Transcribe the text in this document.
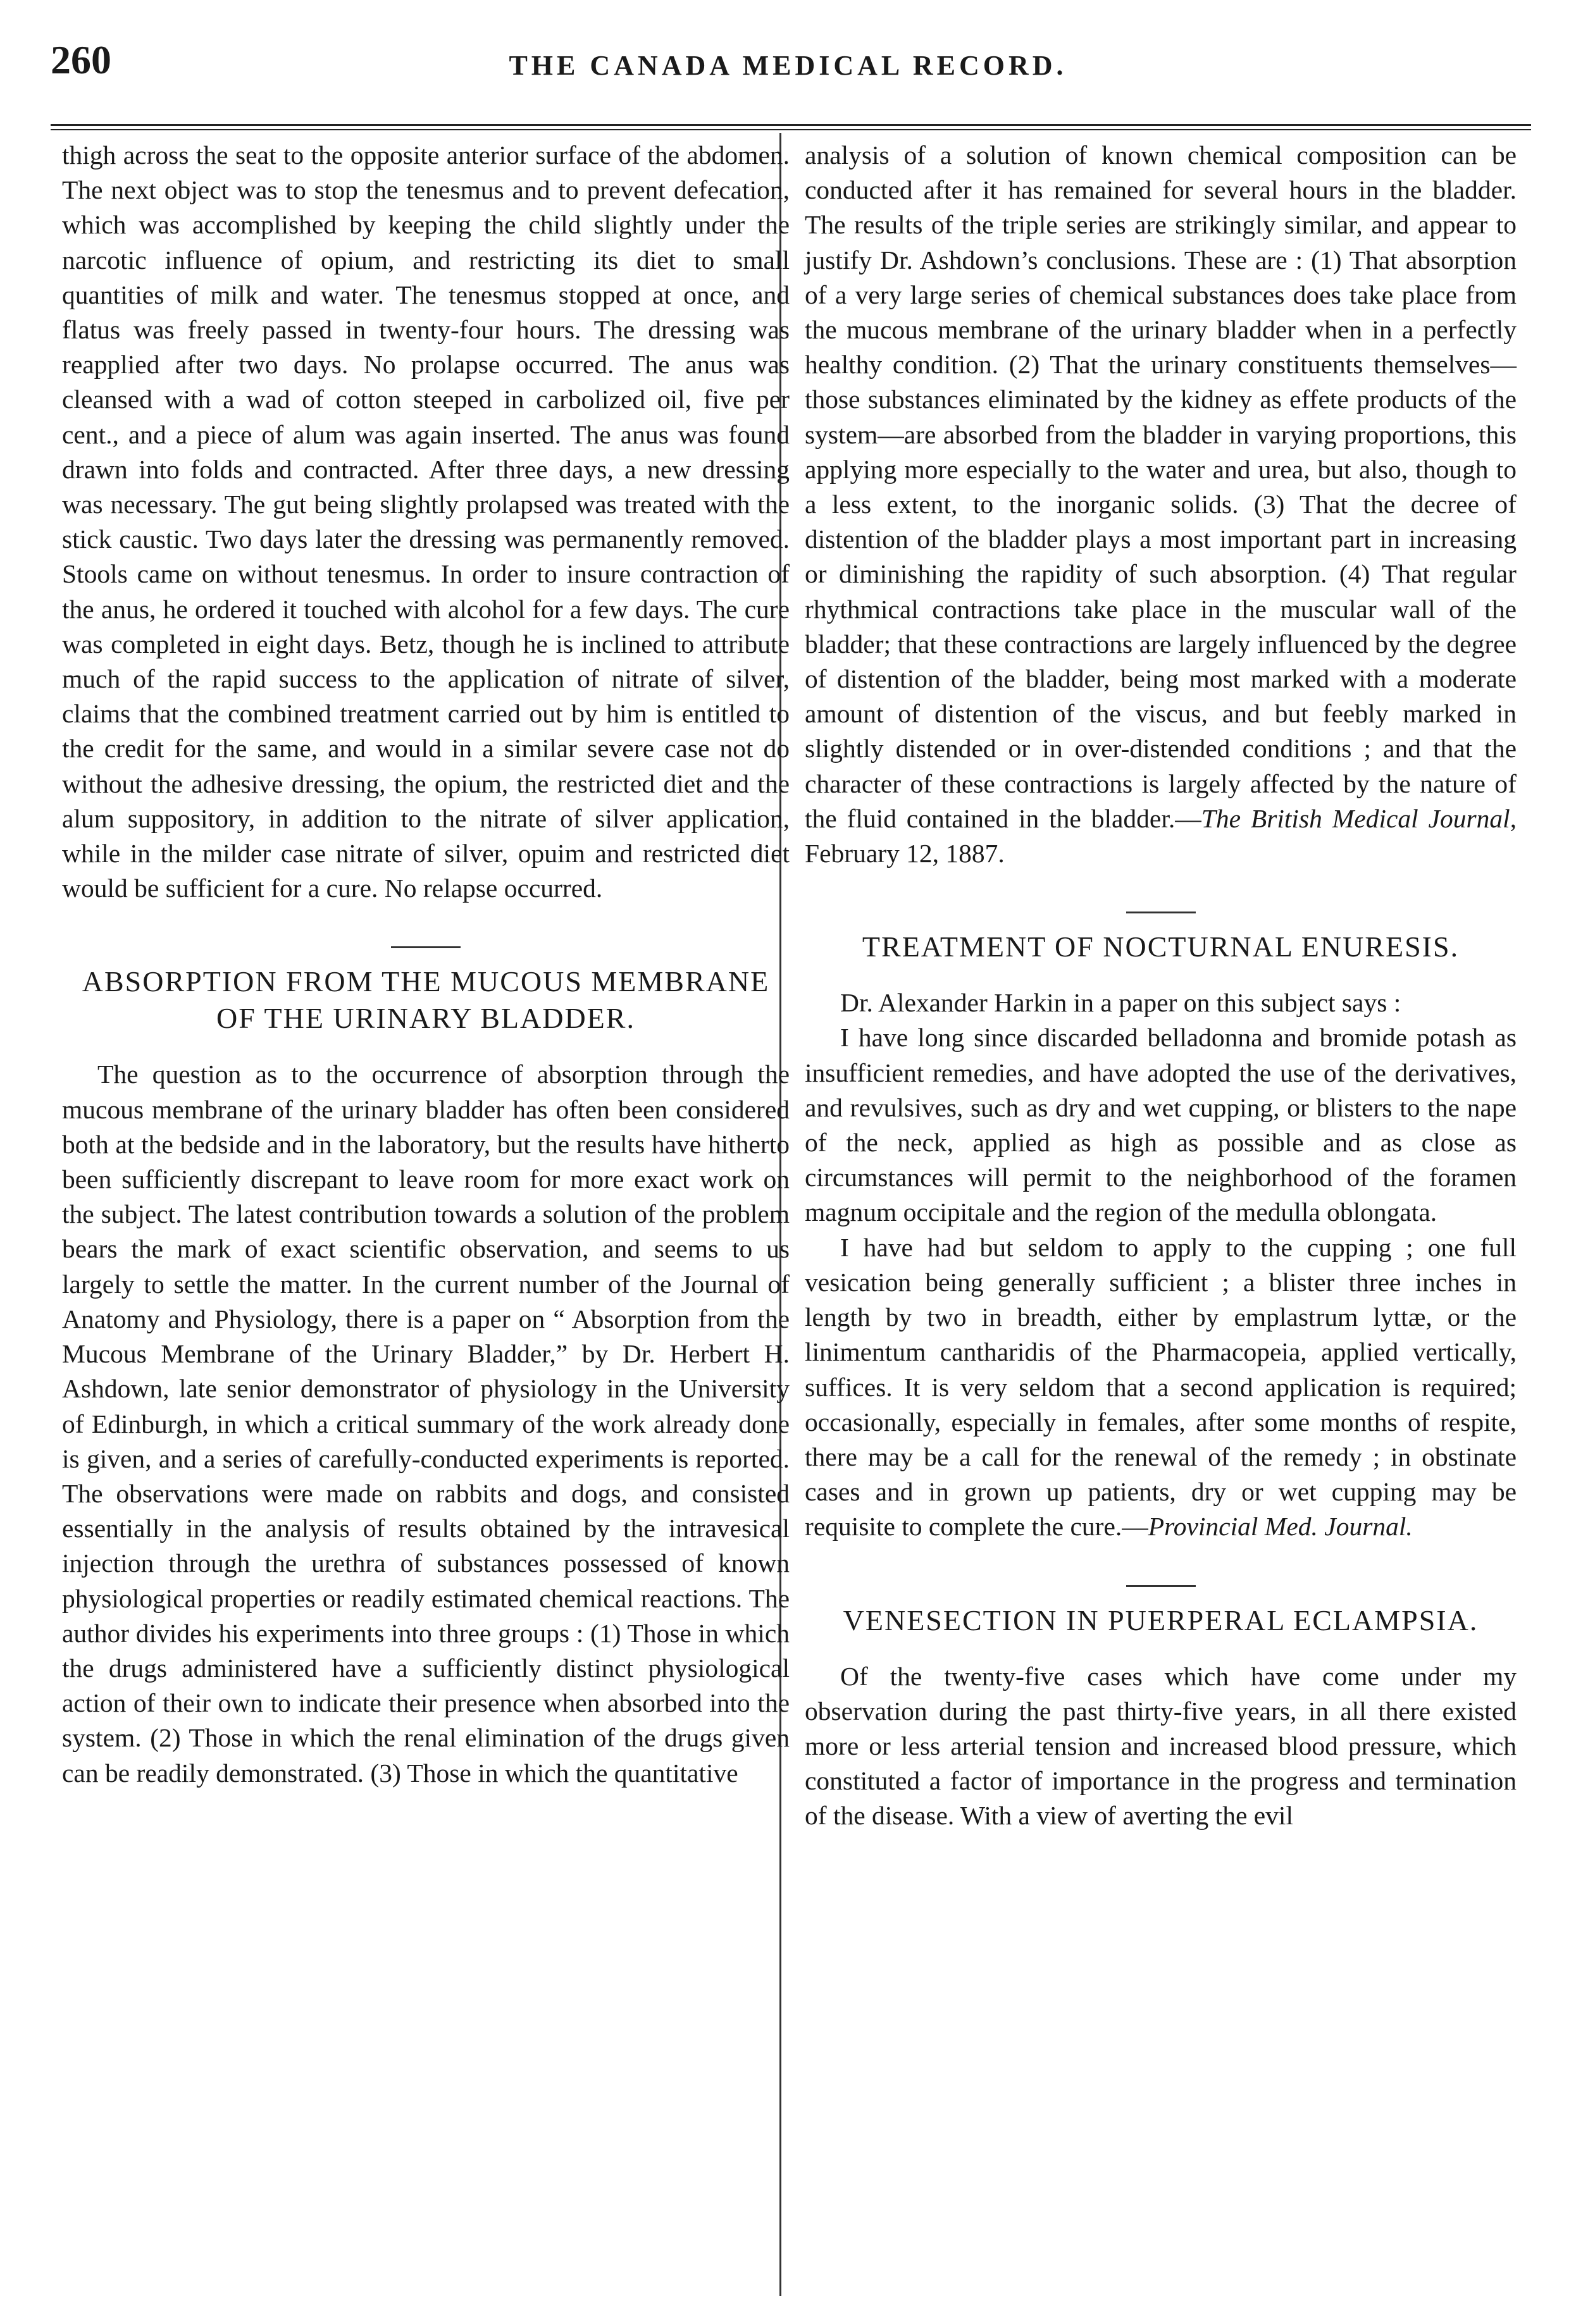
260	THE CANADA MEDICAL RECORD.

thigh across the seat to the opposite anterior surface of the abdomen. The next object was to stop the tenesmus and to prevent defecation, which was accomplished by keeping the child slightly under the narcotic influence of opium, and restricting its diet to small quantities of milk and water. The tenesmus stopped at once, and flatus was freely passed in twenty-four hours. The dressing was reapplied after two days. No prolapse occurred. The anus was cleansed with a wad of cotton steeped in carbolized oil, five per cent., and a piece of alum was again inserted. The anus was found drawn into folds and contracted. After three days, a new dressing was necessary. The gut being slightly prolapsed was treated with the stick caustic. Two days later the dressing was permanently removed. Stools came on without tenesmus. In order to insure contraction of the anus, he ordered it touched with alcohol for a few days. The cure was completed in eight days. Betz, though he is inclined to attribute much of the rapid success to the application of nitrate of silver, claims that the combined treatment carried out by him is entitled to the credit for the same, and would in a similar severe case not do without the adhesive dressing, the opium, the restricted diet and the alum suppository, in addition to the nitrate of silver application, while in the milder case nitrate of silver, opuim and restricted diet would be sufficient for a cure. No relapse occurred.

ABSORPTION FROM THE MUCOUS MEMBRANE OF THE URINARY BLADDER.

The question as to the occurrence of absorption through the mucous membrane of the urinary bladder has often been considered both at the bedside and in the laboratory, but the results have hitherto been sufficiently discrepant to leave room for more exact work on the subject. The latest contribution towards a solution of the problem bears the mark of exact scientific observation, and seems to us largely to settle the matter. In the current number of the Journal of Anatomy and Physiology, there is a paper on “ Absorption from the Mucous Membrane of the Urinary Bladder,” by Dr. Herbert H. Ashdown, late senior demonstrator of physiology in the University of Edinburgh, in which a critical summary of the work already done is given, and a series of carefully-conducted experiments is reported. The observations were made on rabbits and dogs, and consisted essentially in the analysis of results obtained by the intravesical injection through the urethra of substances possessed of known physiological properties or readily estimated chemical reactions. The author divides his experiments into three groups : (1) Those in which the drugs administered have a sufficiently distinct physiological action of their own to indicate their presence when absorbed into the system. (2) Those in which the renal elimination of the drugs given can be readily demonstrated. (3) Those in which the quantitative

analysis of a solution of known chemical composition can be conducted after it has remained for several hours in the bladder. The results of the triple series are strikingly similar, and appear to justify Dr. Ashdown’s conclusions. These are : (1) That absorption of a very large series of chemical substances does take place from the mucous membrane of the urinary bladder when in a perfectly healthy condition. (2) That the urinary constituents themselves—those substances eliminated by the kidney as effete products of the system—are absorbed from the bladder in varying proportions, this applying more especially to the water and urea, but also, though to a less extent, to the inorganic solids. (3) That the decree of distention of the bladder plays a most important part in increasing or diminishing the rapidity of such absorption. (4) That regular rhythmical contractions take place in the muscular wall of the bladder; that these contractions are largely influenced by the degree of distention of the bladder, being most marked with a moderate amount of distention of the viscus, and but feebly marked in slightly distended or in over-distended conditions ; and that the character of these contractions is largely affected by the nature of the fluid contained in the bladder.—The British Medical Journal, February 12, 1887.

TREATMENT OF NOCTURNAL ENURESIS.

Dr. Alexander Harkin in a paper on this subject says :

I have long since discarded belladonna and bromide potash as insufficient remedies, and have adopted the use of the derivatives, and revulsives, such as dry and wet cupping, or blisters to the nape of the neck, applied as high as possible and as close as circumstances will permit to the neighborhood of the foramen magnum occipitale and the region of the medulla oblongata.

I have had but seldom to apply to the cupping ; one full vesication being generally sufficient ; a blister three inches in length by two in breadth, either by emplastrum lyttæ, or the linimentum cantharidis of the Pharmacopeia, applied vertically, suffices. It is very seldom that a second application is required; occasionally, especially in females, after some months of respite, there may be a call for the renewal of the remedy ; in obstinate cases and in grown up patients, dry or wet cupping may be requisite to complete the cure.—Provincial Med. Journal.

VENESECTION IN PUERPERAL ECLAMPSIA.

Of the twenty-five cases which have come under my observation during the past thirty-five years, in all there existed more or less arterial tension and increased blood pressure, which constituted a factor of importance in the progress and termination of the disease. With a view of averting the evil
